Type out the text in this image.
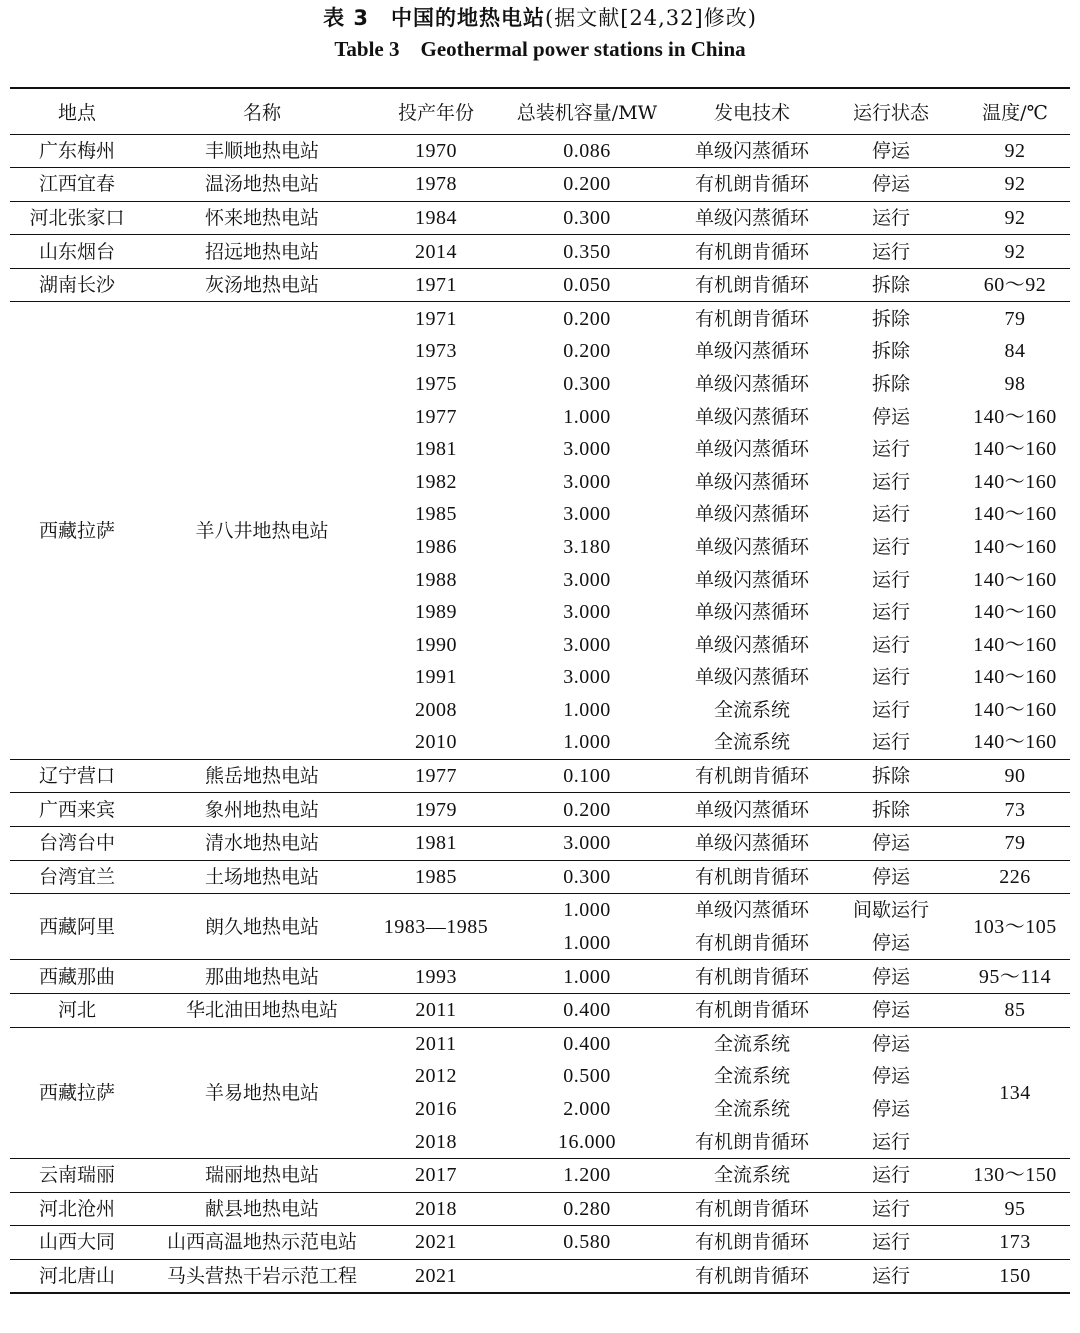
表 3　中国的地热电站(据文献[24,32]修改)
Table 3　Geothermal power stations in China
地点	名称	投产年份	总装机容量/MW	发电技术	运行状态	温度/℃
广东梅州	丰顺地热电站	1970	0.086	单级闪蒸循环	停运	92
江西宜春	温汤地热电站	1978	0.200	有机朗肯循环	停运	92
河北张家口	怀来地热电站	1984	0.300	单级闪蒸循环	运行	92
山东烟台	招远地热电站	2014	0.350	有机朗肯循环	运行	92
湖南长沙	灰汤地热电站	1971	0.050	有机朗肯循环	拆除	60～92
西藏拉萨	羊八井地热电站	1971	0.200	有机朗肯循环	拆除	79
		1973	0.200	单级闪蒸循环	拆除	84
		1975	0.300	单级闪蒸循环	拆除	98
		1977	1.000	单级闪蒸循环	停运	140～160
		1981	3.000	单级闪蒸循环	运行	140～160
		1982	3.000	单级闪蒸循环	运行	140～160
		1985	3.000	单级闪蒸循环	运行	140～160
		1986	3.180	单级闪蒸循环	运行	140～160
		1988	3.000	单级闪蒸循环	运行	140～160
		1989	3.000	单级闪蒸循环	运行	140～160
		1990	3.000	单级闪蒸循环	运行	140～160
		1991	3.000	单级闪蒸循环	运行	140～160
		2008	1.000	全流系统	运行	140～160
		2010	1.000	全流系统	运行	140～160
辽宁营口	熊岳地热电站	1977	0.100	有机朗肯循环	拆除	90
广西来宾	象州地热电站	1979	0.200	单级闪蒸循环	拆除	73
台湾台中	清水地热电站	1981	3.000	单级闪蒸循环	停运	79
台湾宜兰	土场地热电站	1985	0.300	有机朗肯循环	停运	226
西藏阿里	朗久地热电站	1983—1985	1.000	单级闪蒸循环	间歇运行	103～105
			1.000	有机朗肯循环	停运	
西藏那曲	那曲地热电站	1993	1.000	有机朗肯循环	停运	95～114
河北	华北油田地热电站	2011	0.400	有机朗肯循环	停运	85
西藏拉萨	羊易地热电站	2011	0.400	全流系统	停运	134
		2012	0.500	全流系统	停运	
		2016	2.000	全流系统	停运	
		2018	16.000	有机朗肯循环	运行	
云南瑞丽	瑞丽地热电站	2017	1.200	全流系统	运行	130～150
河北沧州	献县地热电站	2018	0.280	有机朗肯循环	运行	95
山西大同	山西高温地热示范电站	2021	0.580	有机朗肯循环	运行	173
河北唐山	马头营热干岩示范工程	2021		有机朗肯循环	运行	150
